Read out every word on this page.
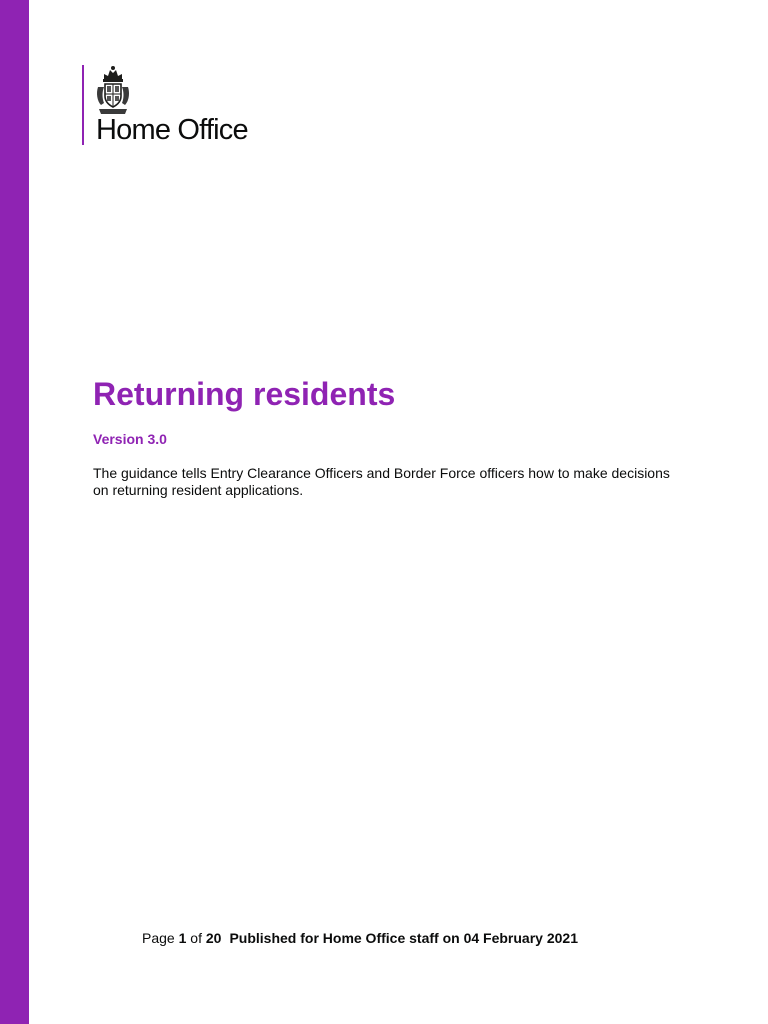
Home Office
Returning residents
Version 3.0

The guidance tells Entry Clearance Officers and Border Force officers how to make decisions on returning resident applications.

Page 1 of 20 Published for Home Office staff on 04 February 2021
